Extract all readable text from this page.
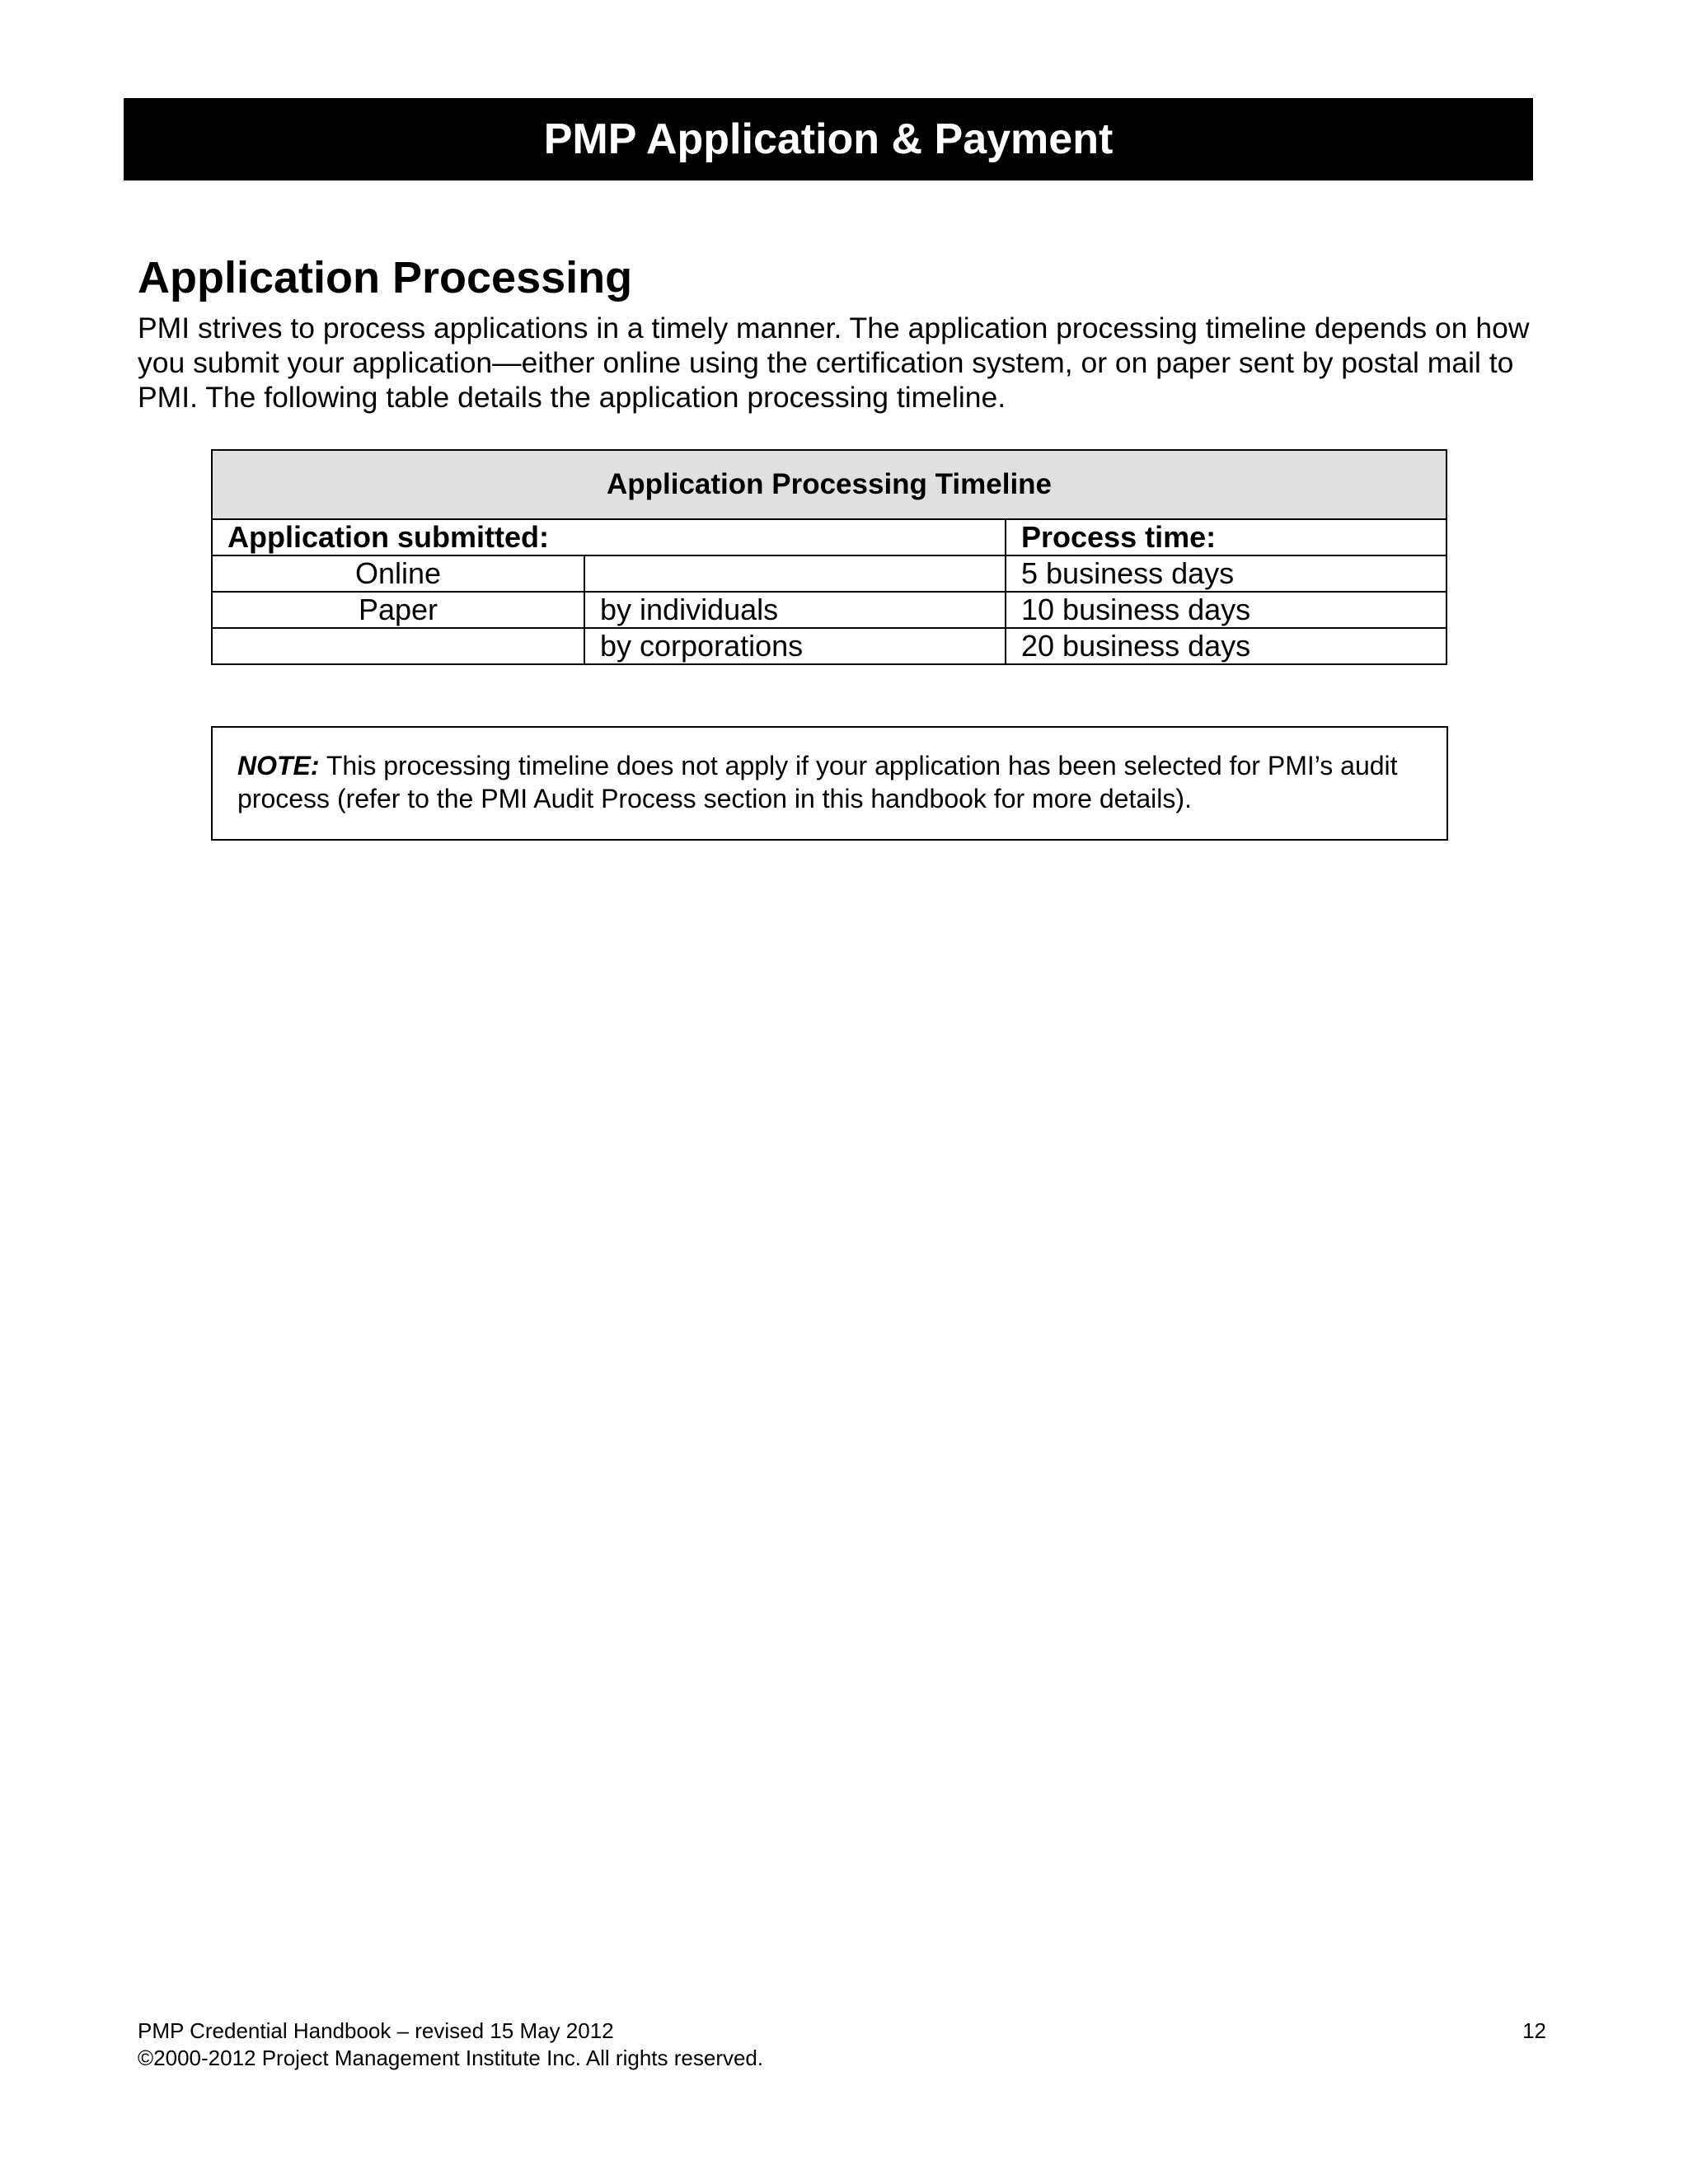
PMP Application & Payment
Application Processing

PMI strives to process applications in a timely manner. The application processing timeline depends on how you submit your application—either online using the certification system, or on paper sent by postal mail to PMI. The following table details the application processing timeline.

Application Processing Timeline		
Application submitted:		Process time:
Online		5 business days
Paper	by individuals	10 business days
	by corporations	20 business days
NOTE: This processing timeline does not apply if your application has been selected for PMI’s audit process (refer to the PMI Audit Process section in this handbook for more details).
PMP Credential Handbook – revised 15 May 2012
©2000-2012 Project Management Institute Inc. All rights reserved.
12
